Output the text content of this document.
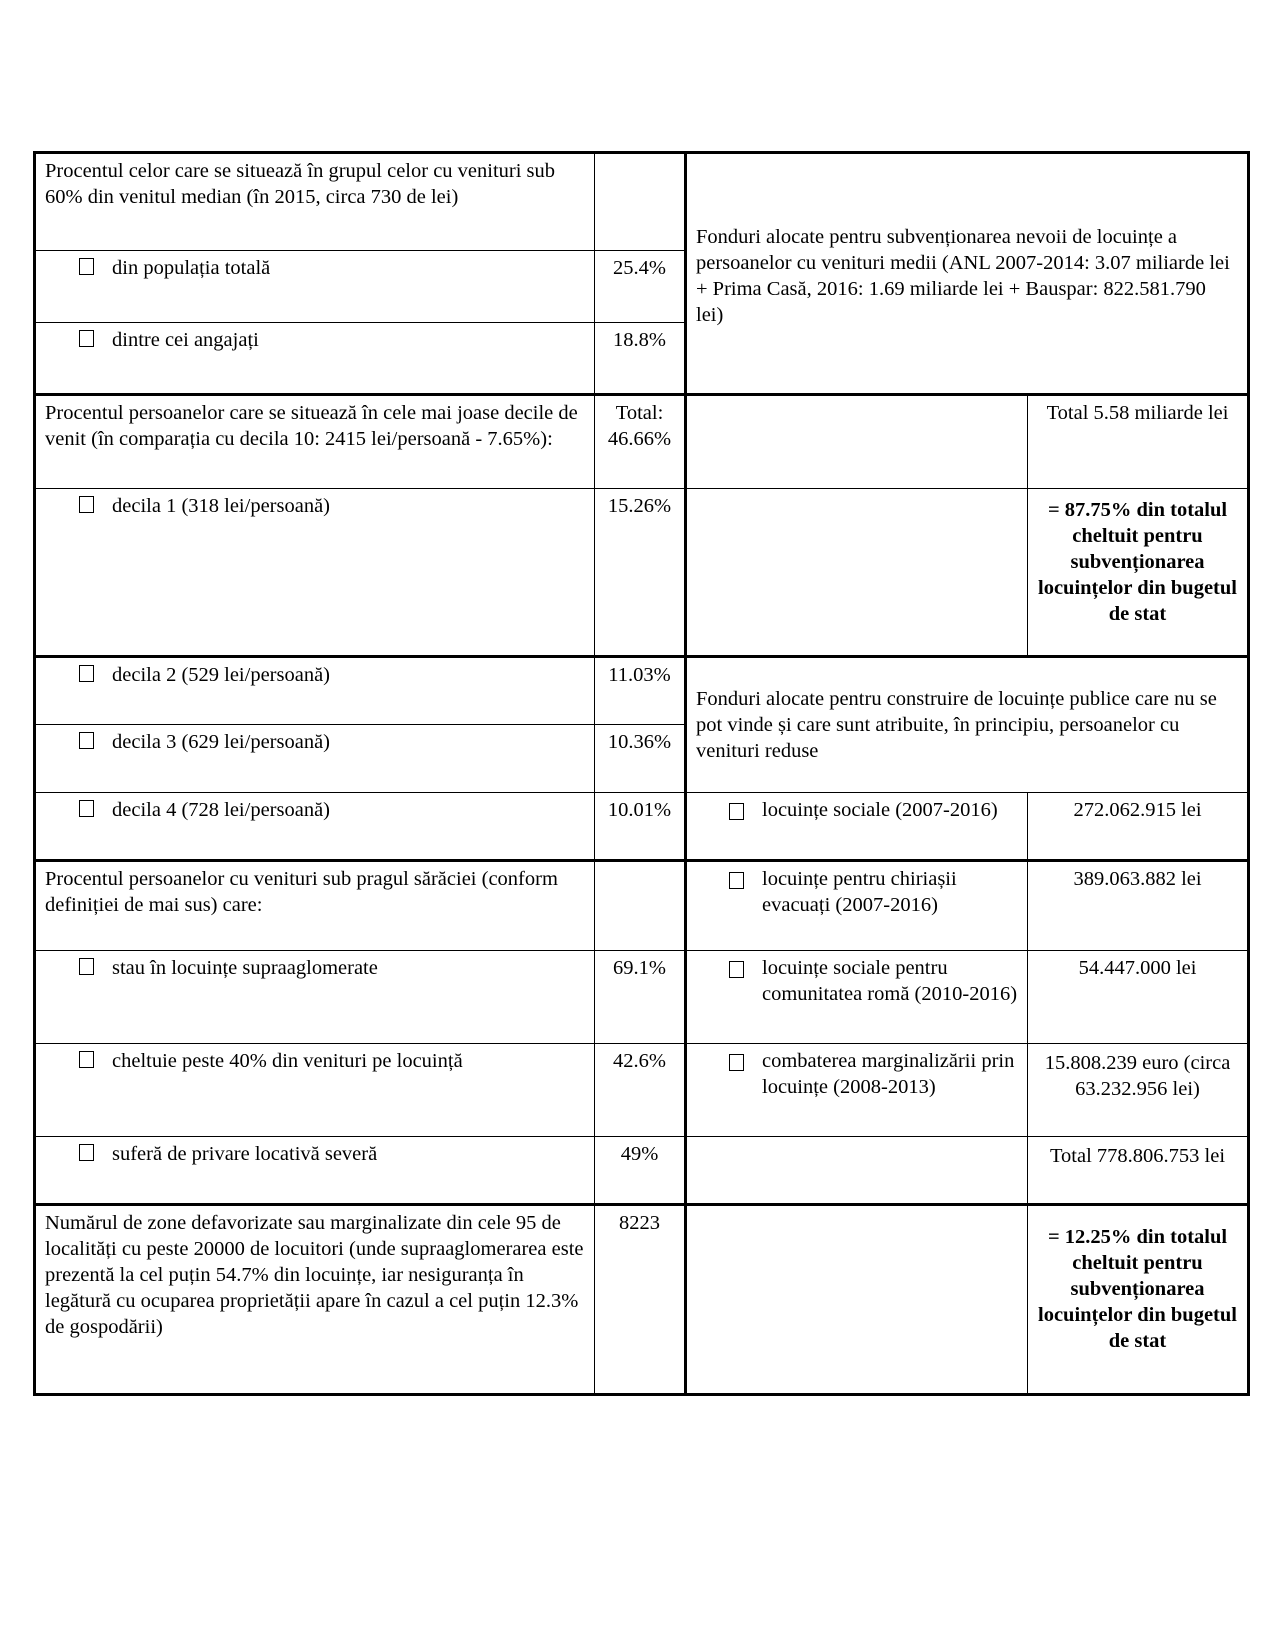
Procentul celor care se situează în grupul celor cu venituri sub 60% din venitul median (în 2015, circa 730 de lei)		Fonduri alocate pentru subvenționarea nevoii de locuințe a persoanelor cu venituri medii (ANL 2007-2014: 3.07 miliarde lei + Prima Casă, 2016: 1.69 miliarde lei + Bauspar: 822.581.790 lei)	
din populația totală	25.4%		
dintre cei angajați	18.8%		
Procentul persoanelor care se situează în cele mai joase decile de venit (în comparația cu decila 10: 2415 lei/persoană - 7.65%):	Total: 46.66%		Total 5.58 miliarde lei
decila 1 (318 lei/persoană)	15.26%		= 87.75% din totalul cheltuit pentru subvenționarea locuințelor din bugetul de stat
decila 2 (529 lei/persoană)	11.03%	Fonduri alocate pentru construire de locuințe publice care nu se pot vinde și care sunt atribuite, în principiu, persoanelor cu venituri reduse	
decila 3 (629 lei/persoană)	10.36%		
decila 4 (728 lei/persoană)	10.01%	locuințe sociale (2007-2016)	272.062.915 lei
Procentul persoanelor cu venituri sub pragul sărăciei (conform definiției de mai sus) care:		locuințe pentru chiriașii evacuați (2007-2016)	389.063.882 lei
stau în locuințe supraaglomerate	69.1%	locuințe sociale pentru comunitatea romă (2010-2016)	54.447.000 lei
cheltuie peste 40% din venituri pe locuință	42.6%	combaterea marginalizării prin locuințe (2008-2013)	15.808.239 euro (circa 63.232.956 lei)
suferă de privare locativă severă	49%		Total 778.806.753 lei
Numărul de zone defavorizate sau marginalizate din cele 95 de localități cu peste 20000 de locuitori (unde supraaglomerarea este prezentă la cel puțin 54.7% din locuințe, iar nesiguranța în legătură cu ocuparea proprietății apare în cazul a cel puțin 12.3% de gospodării)	8223		= 12.25% din totalul cheltuit pentru subvenționarea locuințelor din bugetul de stat
